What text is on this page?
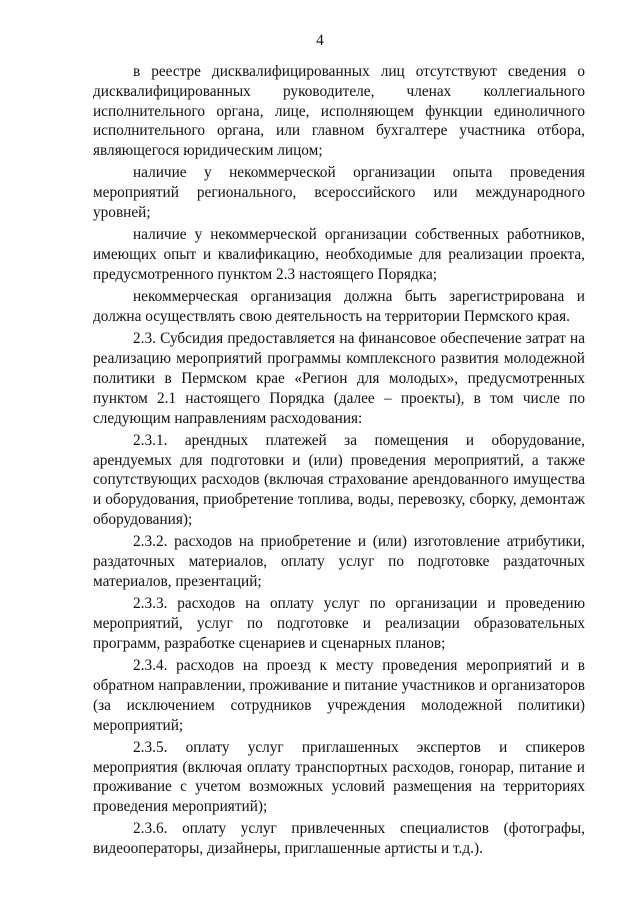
4

в реестре дисквалифицированных лиц отсутствуют сведения о дисквалифицированных руководителе, членах коллегиального исполнительного органа, лице, исполняющем функции единоличного исполнительного органа, или главном бухгалтере участника отбора, являющегося юридическим лицом;

наличие у некоммерческой организации опыта проведения мероприятий регионального, всероссийского или международного уровней;

наличие у некоммерческой организации собственных работников, имеющих опыт и квалификацию, необходимые для реализации проекта, предусмотренного пунктом 2.3 настоящего Порядка;

некоммерческая организация должна быть зарегистрирована и должна осуществлять свою деятельность на территории Пермского края.

2.3. Субсидия предоставляется на финансовое обеспечение затрат на реализацию мероприятий программы комплексного развития молодежной политики в Пермском крае «Регион для молодых», предусмотренных пунктом 2.1 настоящего Порядка (далее – проекты), в том числе по следующим направлениям расходования:

2.3.1. арендных платежей за помещения и оборудование, арендуемых для подготовки и (или) проведения мероприятий, а также сопутствующих расходов (включая страхование арендованного имущества и оборудования, приобретение топлива, воды, перевозку, сборку, демонтаж оборудования);

2.3.2. расходов на приобретение и (или) изготовление атрибутики, раздаточных материалов, оплату услуг по подготовке раздаточных материалов, презентаций;

2.3.3. расходов на оплату услуг по организации и проведению мероприятий, услуг по подготовке и реализации образовательных программ, разработке сценариев и сценарных планов;

2.3.4. расходов на проезд к месту проведения мероприятий и в обратном направлении, проживание и питание участников и организаторов (за исключением сотрудников учреждения молодежной политики) мероприятий;

2.3.5. оплату услуг приглашенных экспертов и спикеров мероприятия (включая оплату транспортных расходов, гонорар, питание и проживание с учетом возможных условий размещения на территориях проведения мероприятий);

2.3.6. оплату услуг привлеченных специалистов (фотографы, видеооператоры, дизайнеры, приглашенные артисты и т.д.).
